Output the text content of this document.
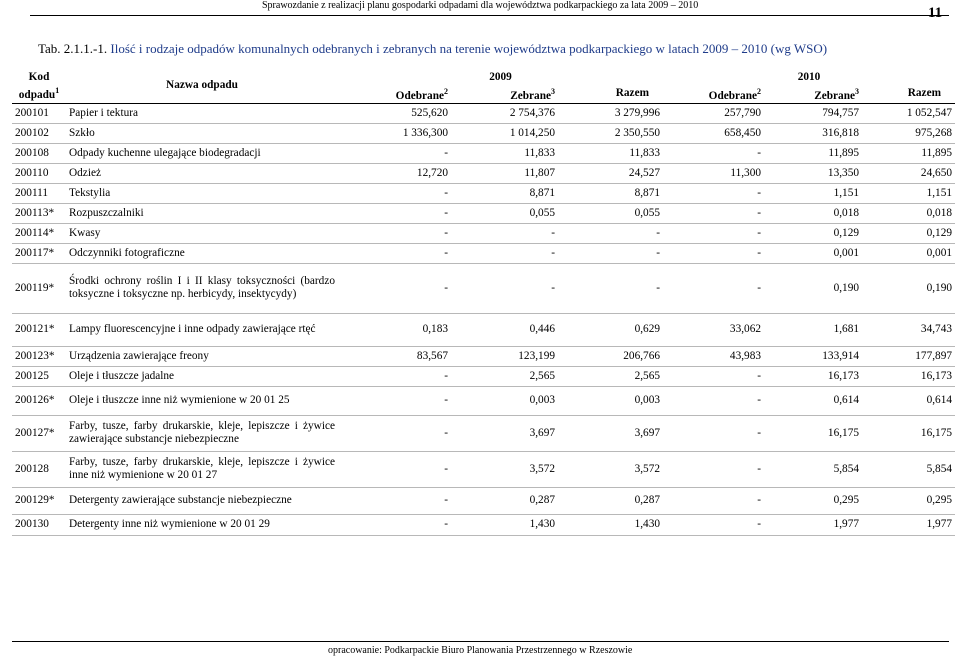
Sprawozdanie z realizacji planu gospodarki odpadami dla województwa podkarpackiego za lata 2009 – 2010	11
Tab. 2.1.1.-1. Ilość i rodzaje odpadów komunalnych odebranych i zebranych na terenie województwa podkarpackiego w latach 2009 – 2010 (wg WSO)
Kod odpadu$^1$	Nazwa odpadu	2009			2010		
		Odebrane$^2$	Zebrane$^3$	Razem	Odebrane$^2$	Zebrane$^3$	Razem
200101	Papier i tektura	525,620	2 754,376	3 279,996	257,790	794,757	1 052,547
200102	Szkło	1 336,300	1 014,250	2 350,550	658,450	316,818	975,268
200108	Odpady kuchenne ulegające biodegradacji	-	11,833	11,833	-	11,895	11,895
200110	Odzież	12,720	11,807	24,527	11,300	13,350	24,650
200111	Tekstylia	-	8,871	8,871	-	1,151	1,151
200113*	Rozpuszczalniki	-	0,055	0,055	-	0,018	0,018
200114*	Kwasy	-	-	-	-	0,129	0,129
200117*	Odczynniki fotograficzne	-	-	-	-	0,001	0,001
200119*	Środki ochrony roślin I i II klasy toksyczności (bardzo toksyczne i toksyczne np. herbicydy, insektycydy)	-	-	-	-	0,190	0,190
200121*	Lampy fluorescencyjne i inne odpady zawierające rtęć	0,183	0,446	0,629	33,062	1,681	34,743
200123*	Urządzenia zawierające freony	83,567	123,199	206,766	43,983	133,914	177,897
200125	Oleje i tłuszcze jadalne	-	2,565	2,565	-	16,173	16,173
200126*	Oleje i tłuszcze inne niż wymienione w 20 01 25	-	0,003	0,003	-	0,614	0,614
200127*	Farby, tusze, farby drukarskie, kleje, lepiszcze i żywice zawierające substancje niebezpieczne	-	3,697	3,697	-	16,175	16,175
200128	Farby, tusze, farby drukarskie, kleje, lepiszcze i żywice inne niż wymienione w 20 01 27	-	3,572	3,572	-	5,854	5,854
200129*	Detergenty zawierające substancje niebezpieczne	-	0,287	0,287	-	0,295	0,295
200130	Detergenty inne niż wymienione w 20 01 29	-	1,430	1,430	-	1,977	1,977
opracowanie: Podkarpackie Biuro Planowania Przestrzennego w Rzeszowie
